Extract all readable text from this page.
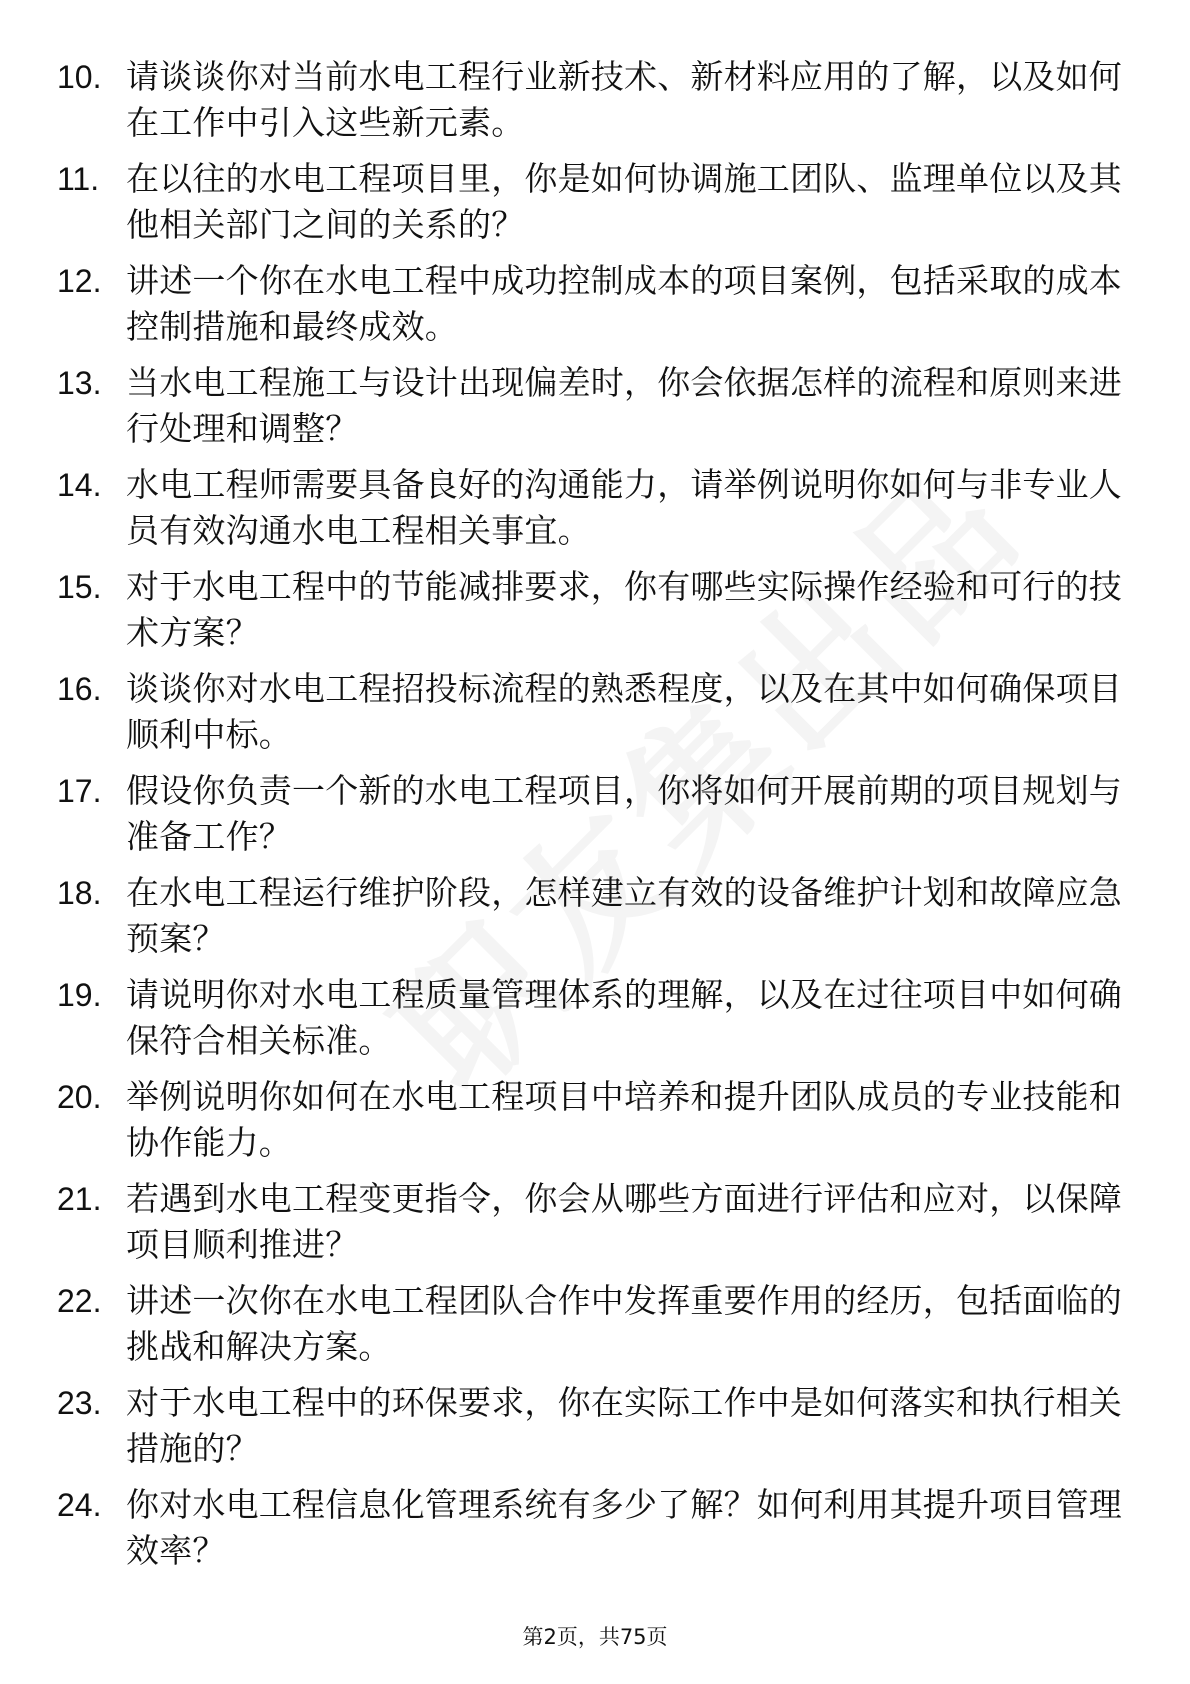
10. 请谈谈你对当前水电工程行业新技术、新材料应用的了解，以及如何在工作中引入这些新元素。
11. 在以往的水电工程项目里，你是如何协调施工团队、监理单位以及其他相关部门之间的关系的？
12. 讲述一个你在水电工程中成功控制成本的项目案例，包括采取的成本控制措施和最终成效。
13. 当水电工程施工与设计出现偏差时，你会依据怎样的流程和原则来进行处理和调整？
14. 水电工程师需要具备良好的沟通能力，请举例说明你如何与非专业人员有效沟通水电工程相关事宜。
15. 对于水电工程中的节能减排要求，你有哪些实际操作经验和可行的技术方案？
16. 谈谈你对水电工程招投标流程的熟悉程度，以及在其中如何确保项目顺利中标。
17. 假设你负责一个新的水电工程项目，你将如何开展前期的项目规划与准备工作？
18. 在水电工程运行维护阶段，怎样建立有效的设备维护计划和故障应急预案？
19. 请说明你对水电工程质量管理体系的理解，以及在过往项目中如何确保符合相关标准。
20. 举例说明你如何在水电工程项目中培养和提升团队成员的专业技能和协作能力。
21. 若遇到水电工程变更指令，你会从哪些方面进行评估和应对，以保障项目顺利推进？
22. 讲述一次你在水电工程团队合作中发挥重要作用的经历，包括面临的挑战和解决方案。
23. 对于水电工程中的环保要求，你在实际工作中是如何落实和执行相关措施的？
24. 你对水电工程信息化管理系统有多少了解？如何利用其提升项目管理效率？
第2页，共75页
